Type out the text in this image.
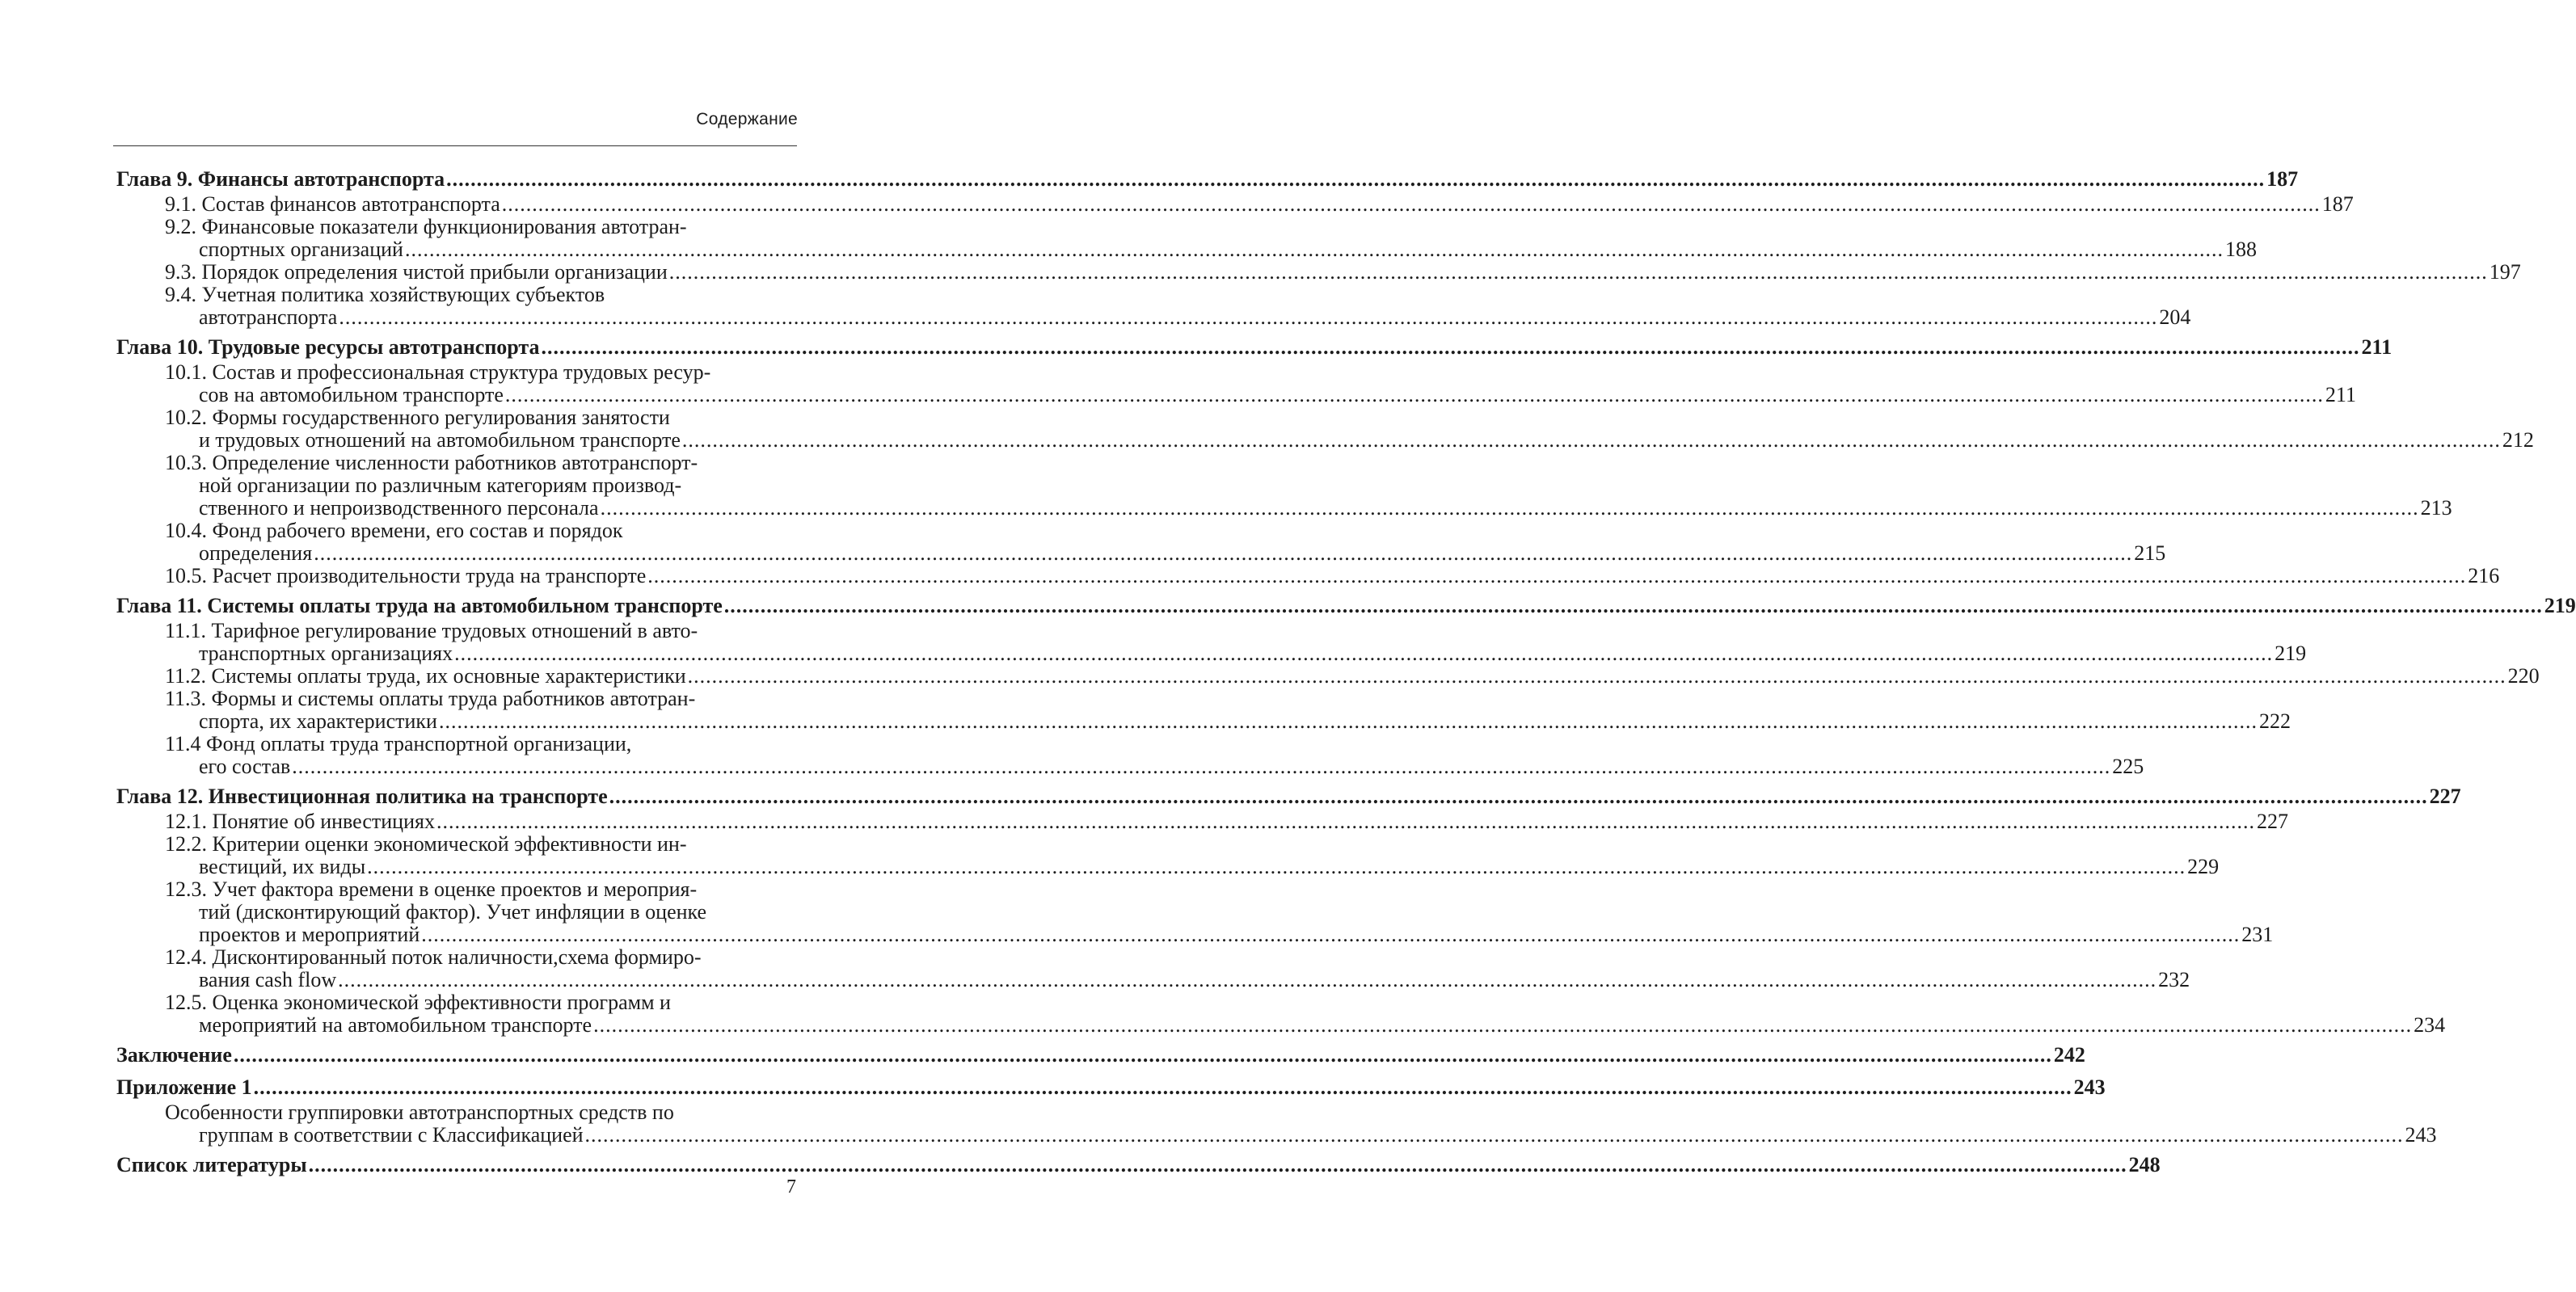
Содержание
Глава 9. Финансы автотранспорта ............................................................................................................................................................................................................................................................................................................ 187
9.1. Состав финансов автотранспорта ............................................................................................................................................................................................................................................................................................................ 187
9.2. Финансовые показатели функционирования автотран-
спортных организаций ............................................................................................................................................................................................................................................................................................................ 188
9.3. Порядок определения чистой прибыли организации ............................................................................................................................................................................................................................................................................................................ 197
9.4. Учетная политика хозяйствующих субъектов
автотранспорта ............................................................................................................................................................................................................................................................................................................ 204
Глава 10. Трудовые ресурсы автотранспорта ............................................................................................................................................................................................................................................................................................................ 211
10.1. Состав и профессиональная структура трудовых ресур-
сов на автомобильном транспорте ............................................................................................................................................................................................................................................................................................................ 211
10.2. Формы государственного регулирования занятости
и трудовых отношений на автомобильном транспорте ............................................................................................................................................................................................................................................................................................................ 212
10.3. Определение численности работников автотранспорт-
ной организации по различным категориям производ-
ственного и непроизводственного персонала ............................................................................................................................................................................................................................................................................................................ 213
10.4. Фонд рабочего времени, его состав и порядок
определения ............................................................................................................................................................................................................................................................................................................ 215
10.5. Расчет производительности труда на транспорте ............................................................................................................................................................................................................................................................................................................ 216
Глава 11. Системы оплаты труда на автомобильном транспорте ............................................................................................................................................................................................................................................................................................................ 219
11.1. Тарифное регулирование трудовых отношений в авто-
транспортных организациях ............................................................................................................................................................................................................................................................................................................ 219
11.2. Системы оплаты труда, их основные характеристики ............................................................................................................................................................................................................................................................................................................ 220
11.3. Формы и системы оплаты труда работников автотран-
спорта, их характеристики ............................................................................................................................................................................................................................................................................................................ 222
11.4 Фонд оплаты труда транспортной организации,
его состав ............................................................................................................................................................................................................................................................................................................ 225
Глава 12. Инвестиционная политика на транспорте ............................................................................................................................................................................................................................................................................................................ 227
12.1. Понятие об инвестициях ............................................................................................................................................................................................................................................................................................................ 227
12.2. Критерии оценки экономической эффективности ин-
вестиций, их виды ............................................................................................................................................................................................................................................................................................................ 229
12.3. Учет фактора времени в оценке проектов и мероприя-
тий (дисконтирующий фактор). Учет инфляции в оценке
проектов и мероприятий ............................................................................................................................................................................................................................................................................................................ 231
12.4. Дисконтированный поток наличности,схема формиро-
вания cash flow ............................................................................................................................................................................................................................................................................................................ 232
12.5. Оценка экономической эффективности программ и
мероприятий на автомобильном транспорте ............................................................................................................................................................................................................................................................................................................ 234
Заключение ............................................................................................................................................................................................................................................................................................................ 242
Приложение 1 ............................................................................................................................................................................................................................................................................................................ 243
Особенности группировки автотранспортных средств по
группам в соответствии с Классификацией ............................................................................................................................................................................................................................................................................................................ 243
Список литературы ............................................................................................................................................................................................................................................................................................................ 248
7
